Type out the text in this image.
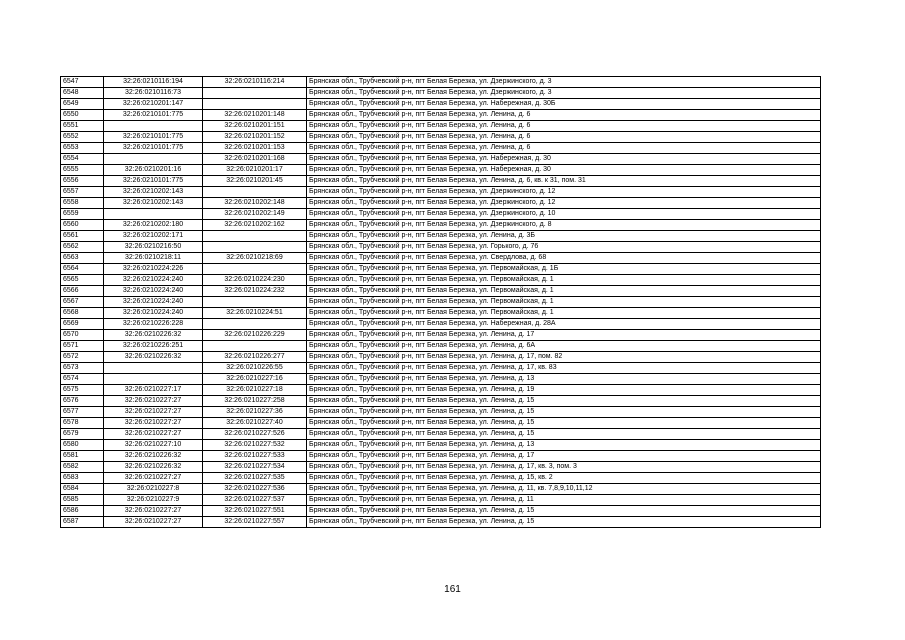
6547	32:26:0210116:194	32:26:0210116:214	Брянская обл., Трубчевский р-н, пгт Белая Березка, ул. Дзержинского, д. 3
6548	32:26:0210116:73		Брянская обл., Трубчевский р-н, пгт Белая Березка, ул. Дзержинского, д. 3
6549	32:26:0210201:147		Брянская обл., Трубчевский р-н, пгт Белая Березка, ул. Набережная, д. 30Б
6550	32:26:0210101:775	32:26:0210201:148	Брянская обл., Трубчевский р-н, пгт Белая Березка, ул. Ленина, д. 6
6551		32:26:0210201:151	Брянская обл., Трубчевский р-н, пгт Белая Березка, ул. Ленина, д. 6
6552	32:26:0210101:775	32:26:0210201:152	Брянская обл., Трубчевский р-н, пгт Белая Березка, ул. Ленина, д. 6
6553	32:26:0210101:775	32:26:0210201:153	Брянская обл., Трубчевский р-н, пгт Белая Березка, ул. Ленина, д. 6
6554		32:26:0210201:168	Брянская обл., Трубчевский р-н, пгт Белая Березка, ул. Набережная, д. 30
6555	32:26:0210201:16	32:26:0210201:17	Брянская обл., Трубчевский р-н, пгт Белая Березка, ул. Набережная, д. 30
6556	32:26:0210101:775	32:26:0210201:45	Брянская обл., Трубчевский р-н, пгт Белая Березка, ул. Ленина, д. 6, кв. к 31, пом. 31
6557	32:26:0210202:143		Брянская обл., Трубчевский р-н, пгт Белая Березка, ул. Дзержинского, д. 12
6558	32:26:0210202:143	32:26:0210202:148	Брянская обл., Трубчевский р-н, пгт Белая Березка, ул. Дзержинского, д. 12
6559		32:26:0210202:149	Брянская обл., Трубчевский р-н, пгт Белая Березка, ул. Дзержинского, д. 10
6560	32:26:0210202:180	32:26:0210202:162	Брянская обл., Трубчевский р-н, пгт Белая Березка, ул. Дзержинского, д. 8
6561	32:26:0210202:171		Брянская обл., Трубчевский р-н, пгт Белая Березка, ул. Ленина, д. 3Б
6562	32:26:0210216:50		Брянская обл., Трубчевский р-н, пгт Белая Березка, ул. Горького, д. 76
6563	32:26:0210218:11	32:26:0210218:69	Брянская обл., Трубчевский р-н, пгт Белая Березка, ул. Свердлова, д. 68
6564	32:26:0210224:226		Брянская обл., Трубчевский р-н, пгт Белая Березка, ул. Первомайская, д. 1Б
6565	32:26:0210224:240	32:26:0210224:230	Брянская обл., Трубчевский р-н, пгт Белая Березка, ул. Первомайская, д. 1
6566	32:26:0210224:240	32:26:0210224:232	Брянская обл., Трубчевский р-н, пгт Белая Березка, ул. Первомайская, д. 1
6567	32:26:0210224:240		Брянская обл., Трубчевский р-н, пгт Белая Березка, ул. Первомайская, д. 1
6568	32:26:0210224:240	32:26:0210224:51	Брянская обл., Трубчевский р-н, пгт Белая Березка, ул. Первомайская, д. 1
6569	32:26:0210226:228		Брянская обл., Трубчевский р-н, пгт Белая Березка, ул. Набережная, д. 28А
6570	32:26:0210226:32	32:26:0210226:229	Брянская обл., Трубчевский р-н, пгт Белая Березка, ул. Ленина, д. 17
6571	32:26:0210226:251		Брянская обл., Трубчевский р-н, пгт Белая Березка, ул. Ленина, д. 6А
6572	32:26:0210226:32	32:26:0210226:277	Брянская обл., Трубчевский р-н, пгт Белая Березка, ул. Ленина, д. 17, пом. 82
6573		32:26:0210226:55	Брянская обл., Трубчевский р-н, пгт Белая Березка, ул. Ленина, д. 17, кв. 83
6574		32:26:0210227:16	Брянская обл., Трубчевский р-н, пгт Белая Березка, ул. Ленина, д. 13
6575	32:26:0210227:17	32:26:0210227:18	Брянская обл., Трубчевский р-н, пгт Белая Березка, ул. Ленина, д. 19
6576	32:26:0210227:27	32:26:0210227:258	Брянская обл., Трубчевский р-н, пгт Белая Березка, ул. Ленина, д. 15
6577	32:26:0210227:27	32:26:0210227:36	Брянская обл., Трубчевский р-н, пгт Белая Березка, ул. Ленина, д. 15
6578	32:26:0210227:27	32:26:0210227:40	Брянская обл., Трубчевский р-н, пгт Белая Березка, ул. Ленина, д. 15
6579	32:26:0210227:27	32:26:0210227:526	Брянская обл., Трубчевский р-н, пгт Белая Березка, ул. Ленина, д. 15
6580	32:26:0210227:10	32:26:0210227:532	Брянская обл., Трубчевский р-н, пгт Белая Березка, ул. Ленина, д. 13
6581	32:26:0210226:32	32:26:0210227:533	Брянская обл., Трубчевский р-н, пгт Белая Березка, ул. Ленина, д. 17
6582	32:26:0210226:32	32:26:0210227:534	Брянская обл., Трубчевский р-н, пгт Белая Березка, ул. Ленина, д. 17, кв. 3, пом. 3
6583	32:26:0210227:27	32:26:0210227:535	Брянская обл., Трубчевский р-н, пгт Белая Березка, ул. Ленина, д. 15, кв. 2
6584	32:26:0210227:8	32:26:0210227:536	Брянская обл., Трубчевский р-н, пгт Белая Березка, ул. Ленина, д. 11, кв. 7,8,9,10,11,12
6585	32:26:0210227:9	32:26:0210227:537	Брянская обл., Трубчевский р-н, пгт Белая Березка, ул. Ленина, д. 11
6586	32:26:0210227:27	32:26:0210227:551	Брянская обл., Трубчевский р-н, пгт Белая Березка, ул. Ленина, д. 15
6587	32:26:0210227:27	32:26:0210227:557	Брянская обл., Трубчевский р-н, пгт Белая Березка, ул. Ленина, д. 15
161
